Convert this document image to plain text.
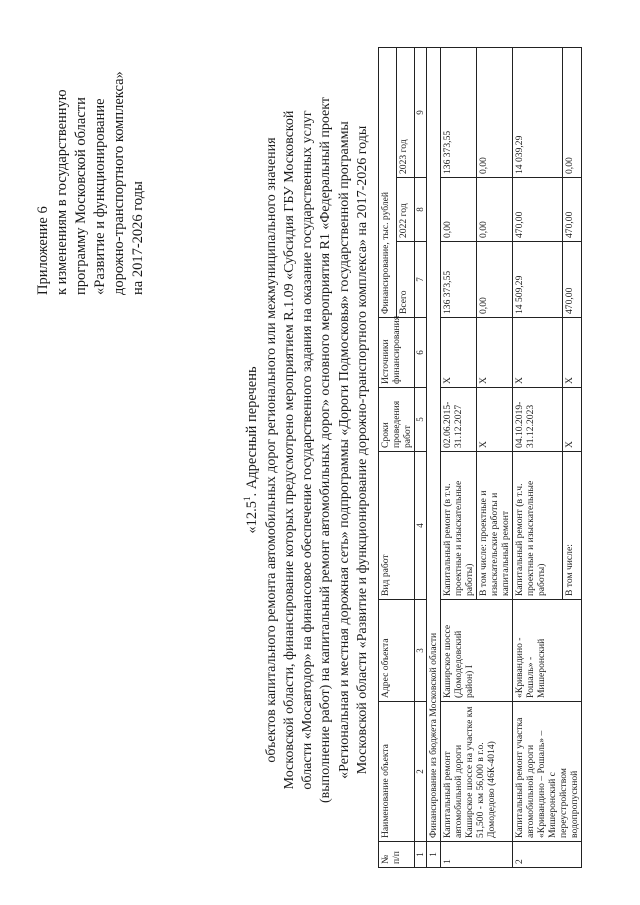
Приложение 6 к изменениям в государственную программу Московской области «Развитие и функционирование дорожно-транспортного комплекса» на 2017-2026 годы
«12.5$^1$. Адресный перечень объектов капитального ремонта автомобильных дорог регионального или межмуниципального значения Московской области, финансирование которых предусмотрено мероприятием R.1.09 «Субсидия ГБУ Московской области «Мосавтодор» на финансовое обеспечение государственного задания на оказание государственных услуг (выполнение работ) на капитальный ремонт автомобильных дорог» основного мероприятия R1 «Федеральный проект «Региональная и местная дорожная сеть» подпрограммы «Дороги Подмосковья» государственной программы Московской области «Развитие и функционирование дорожно-транспортного комплекса» на 2017-2026 годы
№ п/п	Наименование объекта	Адрес объекта	Вид работ	Сроки проведения работ	Источники финансирования	Финансирование, тыс. рублей		
						Всего	2022 год	2023 год
1	2	3	4	5	6	7	8	9
1	Финансирование из бюджета Московской области							
1	Капитальный ремонт автомобильной дороги Каширское шоссе на участке км 51,500 - км 56,000 в г.о. Домодедово (46К-4014)	Каширское шоссе (Домодедовский район) I	Капитальный ремонт (в т.ч. проектные и изыскательные работы)	02.06.2015-31.12.2027	X	136 373,55	0,00	136 373,55
			В том числе: проектные и изыскательские работы и капитальный ремонт	X	X	0,00	0,00	0,00
2	Капитальный ремонт участка автомобильной дороги «Кривандино – Рошаль» – Мишеронский с переустройством водопропускной	«Кривандино - Рошаль» - Мишеронский	Капитальный ремонт (в т.ч. проектные и изыскательные работы)	04.10.2019-31.12.2023	X	14 509,29	470,00	14 039,29
			В том числе:	X	X	470,00	470,00	0,00
